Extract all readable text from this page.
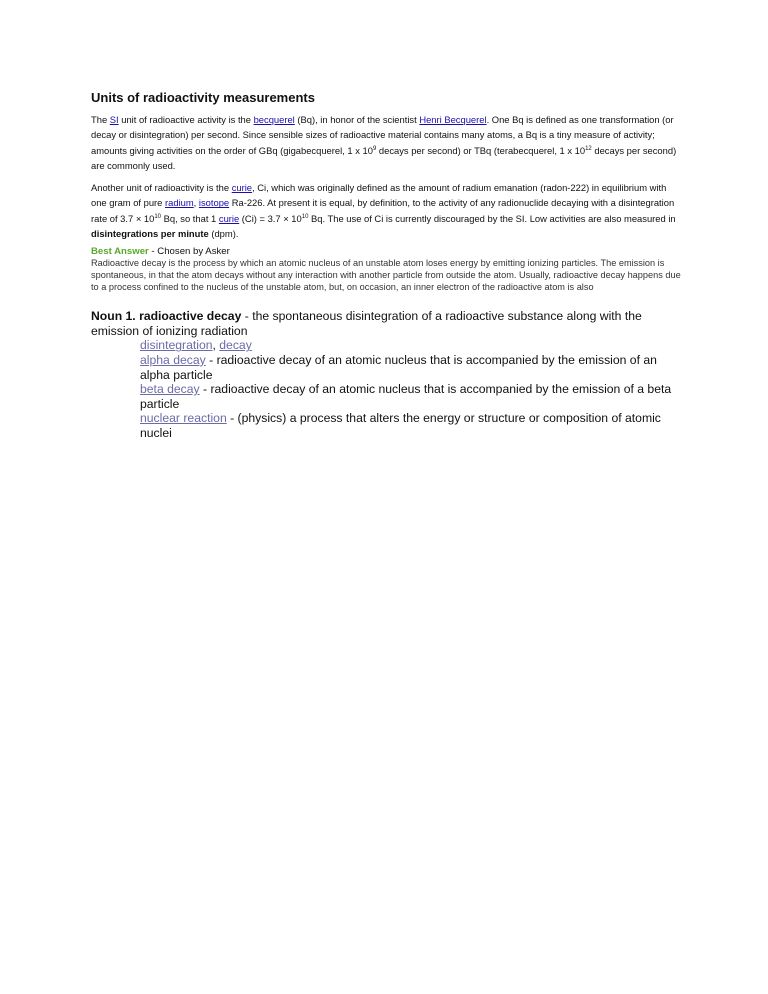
Units of radioactivity measurements

The SI unit of radioactive activity is the becquerel (Bq), in honor of the scientist Henri Becquerel. One Bq is defined as one transformation (or decay or disintegration) per second. Since sensible sizes of radioactive material contains many atoms, a Bq is a tiny measure of activity; amounts giving activities on the order of GBq (gigabecquerel, 1 x $10^9$ decays per second) or TBq (terabecquerel, 1 x $10^{12}$ decays per second) are commonly used.

Another unit of radioactivity is the curie, Ci, which was originally defined as the amount of radium emanation (radon-222) in equilibrium with one gram of pure radium, isotope Ra-226. At present it is equal, by definition, to the activity of any radionuclide decaying with a disintegration rate of $3.7 \times 10^{10}$ Bq, so that 1 curie $(Ci) = 3.7 \times 10^{10}$ Bq. The use of Ci is currently discouraged by the SI. Low activities are also measured in disintegrations per minute (dpm).

Best Answer - Chosen by Asker

Radioactive decay is the process by which an atomic nucleus of an unstable atom loses energy by emitting ionizing particles. The emission is spontaneous, in that the atom decays without any interaction with another particle from outside the atom. Usually, radioactive decay happens due to a process confined to the nucleus of the unstable atom, but, on occasion, an inner electron of the radioactive atom is also

Noun 1. radioactive decay - the spontaneous disintegration of a radioactive substance along with the emission of ionizing radiation
disintegration, decay
alpha decay - radioactive decay of an atomic nucleus that is accompanied by the emission of an alpha particle
beta decay - radioactive decay of an atomic nucleus that is accompanied by the emission of a beta particle
nuclear reaction - (physics) a process that alters the energy or structure or composition of atomic nuclei
